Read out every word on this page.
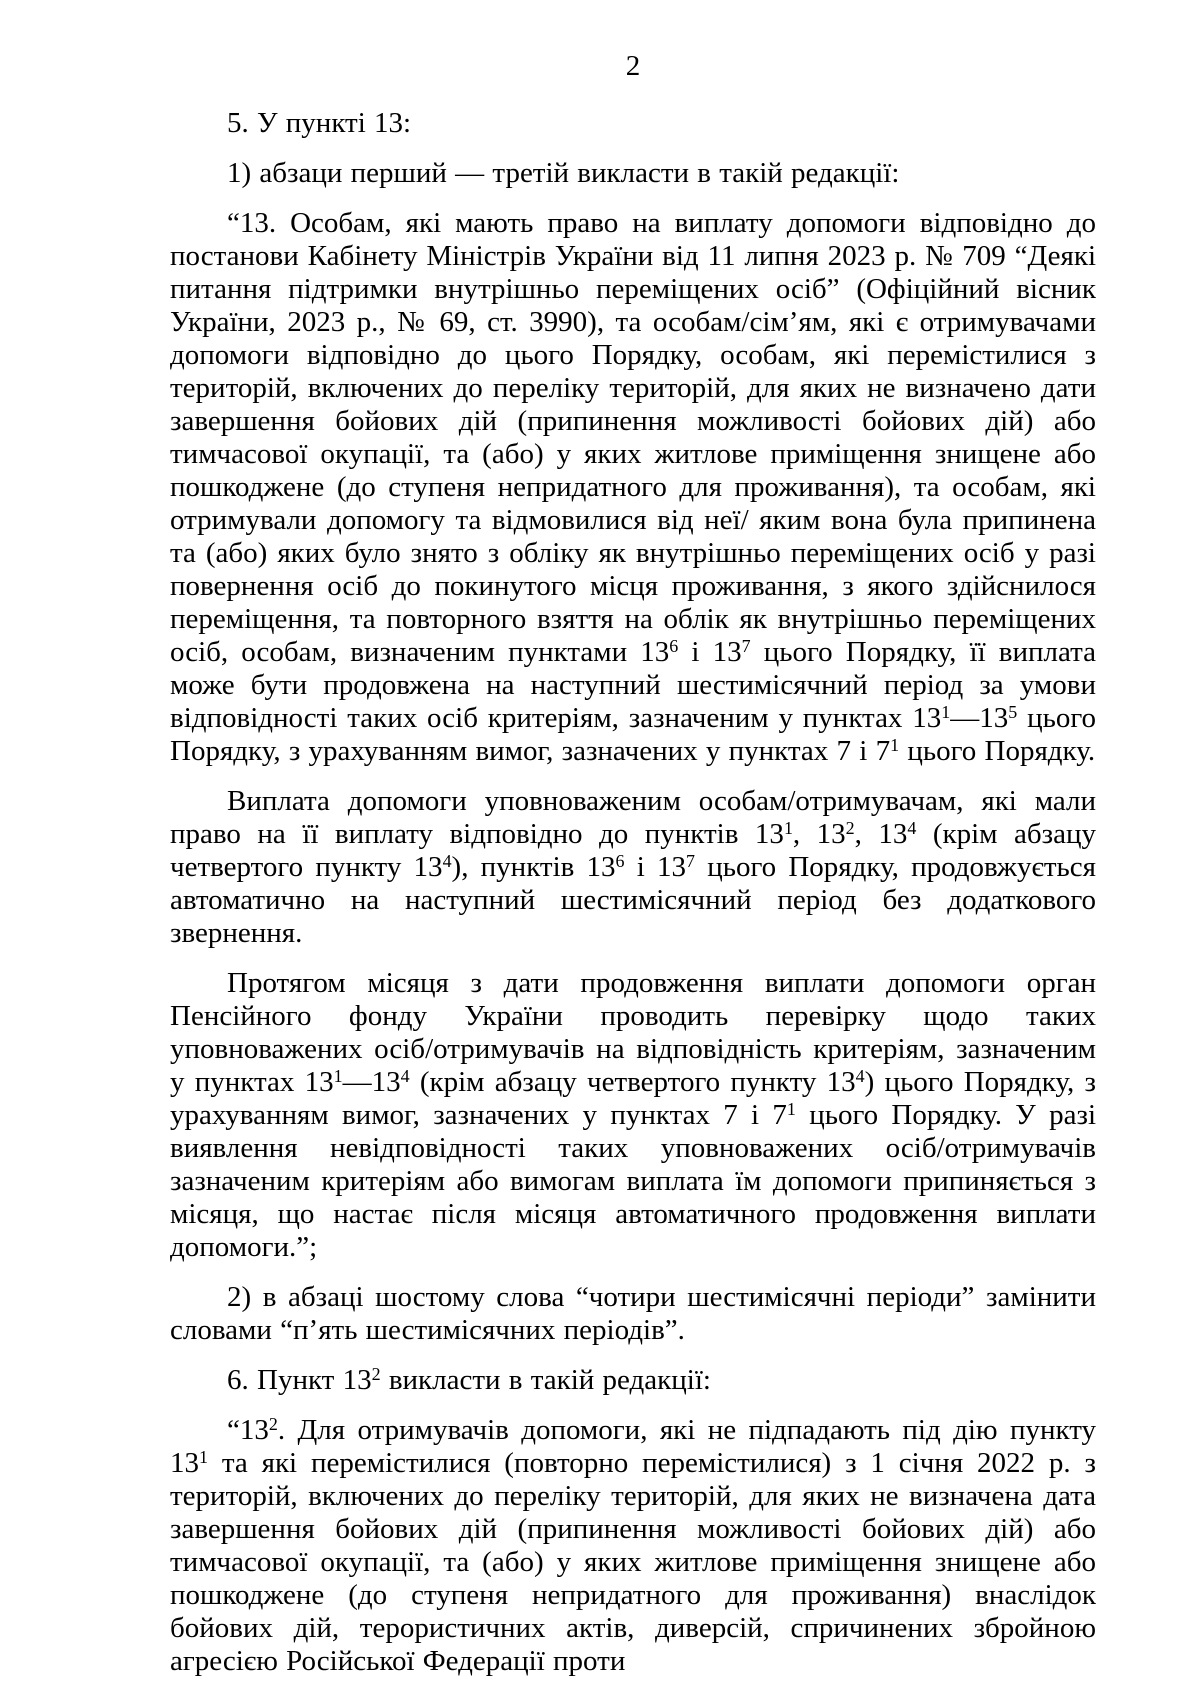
2

5. У пункті 13:

1) абзаци перший — третій викласти в такій редакції:

“13. Особам, які мають право на виплату допомоги відповідно до постанови Кабінету Міністрів України від 11 липня 2023 р. № 709 “Деякі питання підтримки внутрішньо переміщених осіб” (Офіційний вісник України, 2023 р., № 69, ст. 3990), та особам/сім’ям, які є отримувачами допомоги відповідно до цього Порядку, особам, які перемістилися з територій, включених до переліку територій, для яких не визначено дати завершення бойових дій (припинення можливості бойових дій) або тимчасової окупації, та (або) у яких житлове приміщення знищене або пошкоджене (до ступеня непридатного для проживання), та особам, які отримували допомогу та відмовилися від неї/ яким вона була припинена та (або) яких було знято з обліку як внутрішньо переміщених осіб у разі повернення осіб до покинутого місця проживання, з якого здійснилося переміщення, та повторного взяття на облік як внутрішньо переміщених осіб, особам, визначеним пунктами $13^6$ і $13^7$ цього Порядку, її виплата може бути продовжена на наступний шестимісячний період за умови відповідності таких осіб критеріям, зазначеним у пунктах $13^1—13^5$ цього Порядку, з урахуванням вимог, зазначених у пунктах 7 і $7^1$ цього Порядку.

Виплата допомоги уповноваженим особам/отримувачам, які мали право на її виплату відповідно до пунктів $13^1$, $13^2$, $13^4$ (крім абзацу четвертого пункту $13^4$), пунктів $13^6$ і $13^7$ цього Порядку, продовжується автоматично на наступний шестимісячний період без додаткового звернення.

Протягом місяця з дати продовження виплати допомоги орган Пенсійного фонду України проводить перевірку щодо таких уповноважених осіб/отримувачів на відповідність критеріям, зазначеним у пунктах $13^1—13^4$ (крім абзацу четвертого пункту $13^4$) цього Порядку, з урахуванням вимог, зазначених у пунктах 7 і $7^1$ цього Порядку. У разі виявлення невідповідності таких уповноважених осіб/отримувачів зазначеним критеріям або вимогам виплата їм допомоги припиняється з місяця, що настає після місяця автоматичного продовження виплати допомоги.”;

2) в абзаці шостому слова “чотири шестимісячні періоди” замінити словами “п’ять шестимісячних періодів”.

6. Пункт $13^2$ викласти в такій редакції:

“$13^2$. Для отримувачів допомоги, які не підпадають під дію пункту $13^1$ та які перемістилися (повторно перемістилися) з 1 січня 2022 р. з територій, включених до переліку територій, для яких не визначена дата завершення бойових дій (припинення можливості бойових дій) або тимчасової окупації, та (або) у яких житлове приміщення знищене або пошкоджене (до ступеня непридатного для проживання) внаслідок бойових дій, терористичних актів, диверсій, спричинених збройною агресією Російської Федерації проти
